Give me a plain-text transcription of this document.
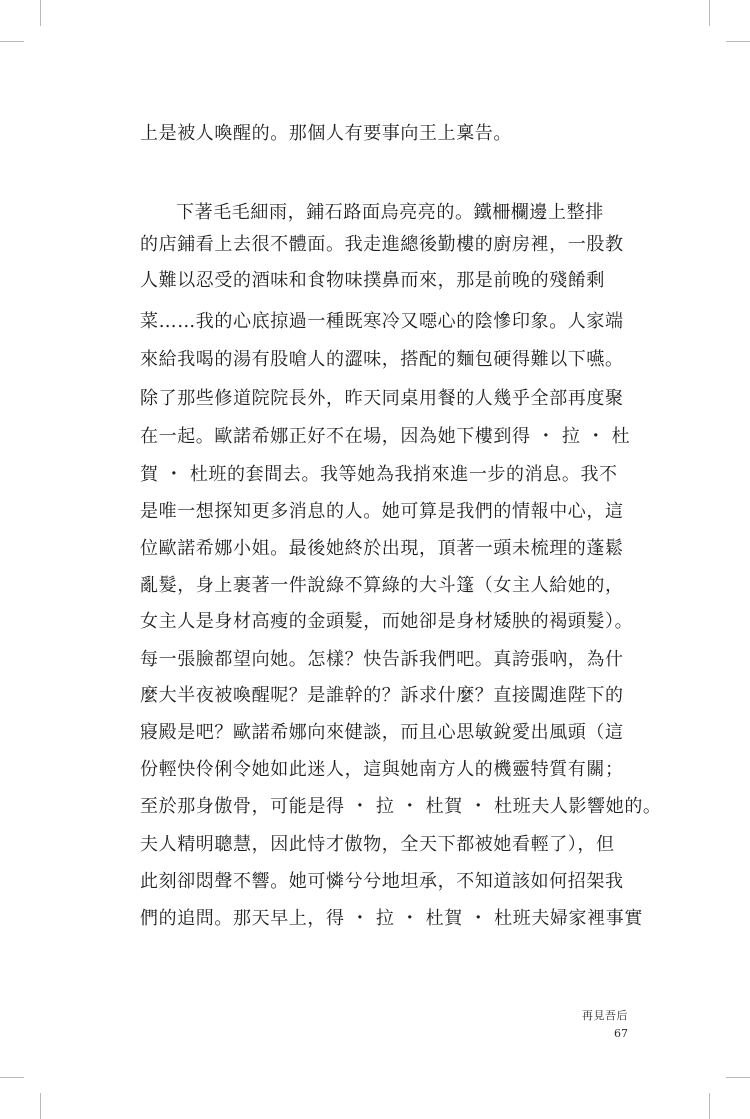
上是被人喚醒的。那個人有要事向王上稟告。
下著毛毛細雨，鋪石路面烏亮亮的。鐵柵欄邊上整排
的店鋪看上去很不體面。我走進總後勤樓的廚房裡，一股教
人難以忍受的酒味和食物味撲鼻而來，那是前晚的殘餚剩
菜……我的心底掠過一種既寒冷又噁心的陰慘印象。人家端
來給我喝的湯有股嗆人的澀味，搭配的麵包硬得難以下嚥。
除了那些修道院院長外，昨天同桌用餐的人幾乎全部再度聚
在一起。歐諾希娜正好不在場，因為她下樓到得 ・ 拉 ・ 杜
賀 ・ 杜班的套間去。我等她為我捎來進一步的消息。我不
是唯一想探知更多消息的人。她可算是我們的情報中心，這
位歐諾希娜小姐。最後她終於出現，頂著一頭未梳理的蓬鬆
亂髮，身上裹著一件說綠不算綠的大斗篷（女主人給她的，
女主人是身材高瘦的金頭髮，而她卻是身材矮胦的褐頭髮）。
每一張臉都望向她。怎樣？快告訴我們吧。真誇張吶，為什
麼大半夜被喚醒呢？是誰幹的？訴求什麼？直接闖進陛下的
寢殿是吧？歐諾希娜向來健談，而且心思敏銳愛出風頭（這
份輕快伶俐令她如此迷人，這與她南方人的機靈特質有關；
至於那身傲骨，可能是得 ・ 拉 ・ 杜賀 ・ 杜班夫人影響她的。
夫人精明聰慧，因此恃才傲物，全天下都被她看輕了），但
此刻卻悶聲不響。她可憐兮兮地坦承，不知道該如何招架我
們的追問。那天早上，得 ・ 拉 ・ 杜賀 ・ 杜班夫婦家裡事實
再見吾后
67
